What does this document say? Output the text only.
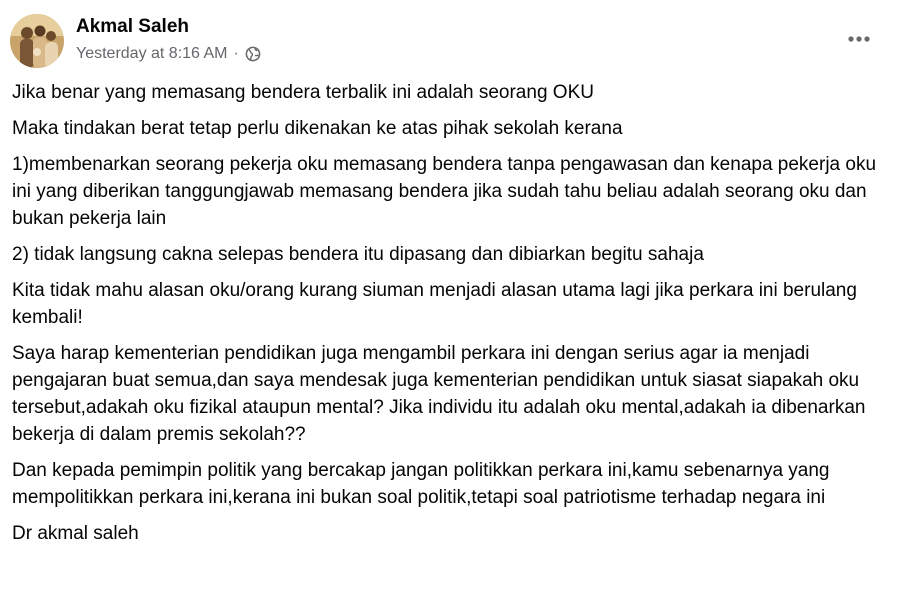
Akmal Saleh
Yesterday at 8:16 AM ·

Jika benar yang memasang bendera terbalik ini adalah seorang OKU

Maka tindakan berat tetap perlu dikenakan ke atas pihak sekolah kerana

1)membenarkan seorang pekerja oku memasang bendera tanpa pengawasan dan kenapa pekerja oku ini yang diberikan tanggungjawab memasang bendera jika sudah tahu beliau adalah seorang oku dan bukan pekerja lain

2) tidak langsung cakna selepas bendera itu dipasang dan dibiarkan begitu sahaja

Kita tidak mahu alasan oku/orang kurang siuman menjadi alasan utama lagi jika perkara ini berulang kembali!

Saya harap kementerian pendidikan juga mengambil perkara ini dengan serius agar ia menjadi pengajaran buat semua,dan saya mendesak juga kementerian pendidikan untuk siasat siapakah oku tersebut,adakah oku fizikal ataupun mental? Jika individu itu adalah oku mental,adakah ia dibenarkan bekerja di dalam premis sekolah??

Dan kepada pemimpin politik yang bercakap jangan politikkan perkara ini,kamu sebenarnya yang mempolitikkan perkara ini,kerana ini bukan soal politik,tetapi soal patriotisme terhadap negara ini

Dr akmal saleh
